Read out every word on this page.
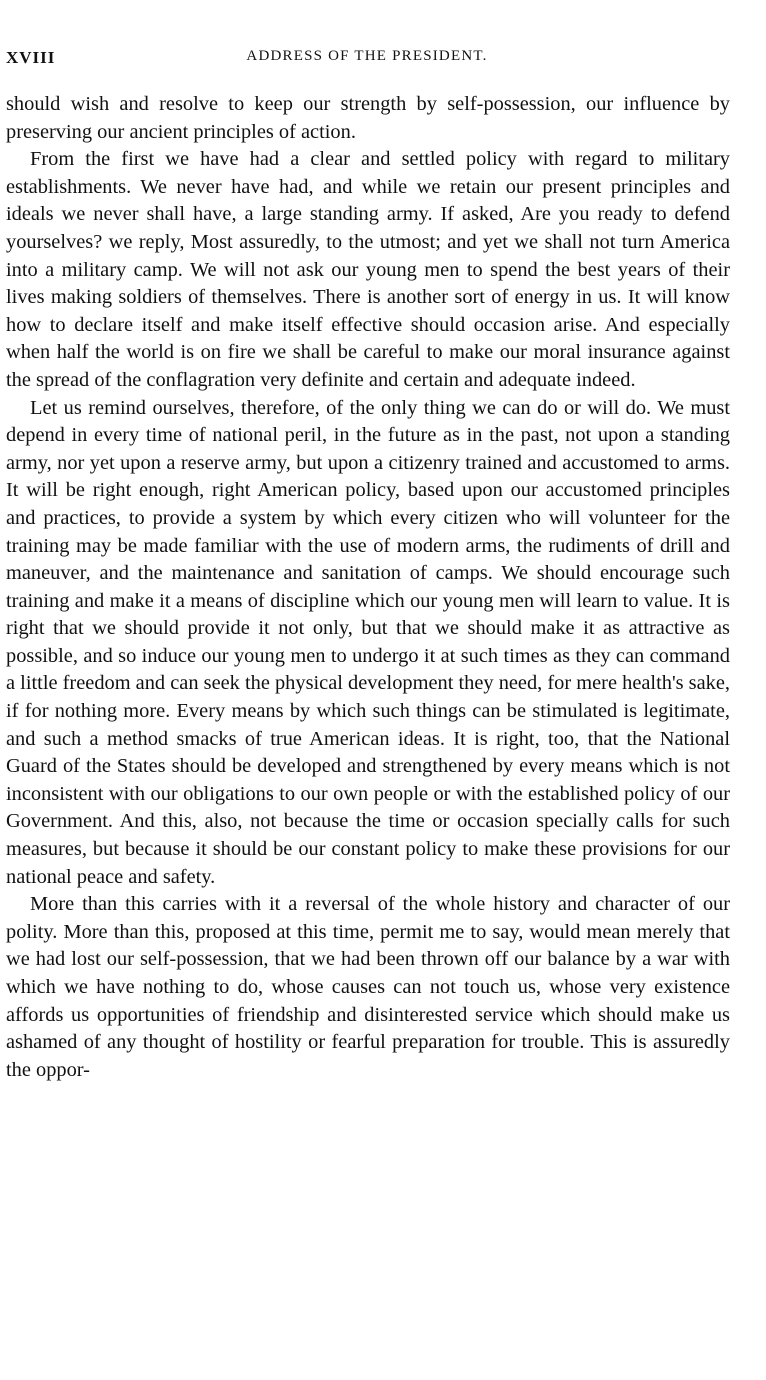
XVIII	ADDRESS OF THE PRESIDENT.

should wish and resolve to keep our strength by self-possession, our influence by preserving our ancient principles of action.

From the first we have had a clear and settled policy with regard to military establishments. We never have had, and while we retain our present principles and ideals we never shall have, a large standing army. If asked, Are you ready to defend yourselves? we reply, Most assuredly, to the utmost; and yet we shall not turn America into a military camp. We will not ask our young men to spend the best years of their lives making soldiers of themselves. There is another sort of energy in us. It will know how to declare itself and make itself effective should occasion arise. And especially when half the world is on fire we shall be careful to make our moral insurance against the spread of the conflagration very definite and certain and adequate indeed.

Let us remind ourselves, therefore, of the only thing we can do or will do. We must depend in every time of national peril, in the future as in the past, not upon a standing army, nor yet upon a reserve army, but upon a citizenry trained and accustomed to arms. It will be right enough, right American policy, based upon our accustomed principles and practices, to provide a system by which every citizen who will volunteer for the training may be made familiar with the use of modern arms, the rudiments of drill and maneuver, and the maintenance and sanitation of camps. We should encourage such training and make it a means of discipline which our young men will learn to value. It is right that we should provide it not only, but that we should make it as attractive as possible, and so induce our young men to undergo it at such times as they can command a little freedom and can seek the physical development they need, for mere health's sake, if for nothing more. Every means by which such things can be stimulated is legitimate, and such a method smacks of true American ideas. It is right, too, that the National Guard of the States should be developed and strengthened by every means which is not inconsistent with our obligations to our own people or with the established policy of our Government. And this, also, not because the time or occasion specially calls for such measures, but because it should be our constant policy to make these provisions for our national peace and safety.

More than this carries with it a reversal of the whole history and character of our polity. More than this, proposed at this time, permit me to say, would mean merely that we had lost our self-possession, that we had been thrown off our balance by a war with which we have nothing to do, whose causes can not touch us, whose very existence affords us opportunities of friendship and disinterested service which should make us ashamed of any thought of hostility or fearful preparation for trouble. This is assuredly the oppor-
